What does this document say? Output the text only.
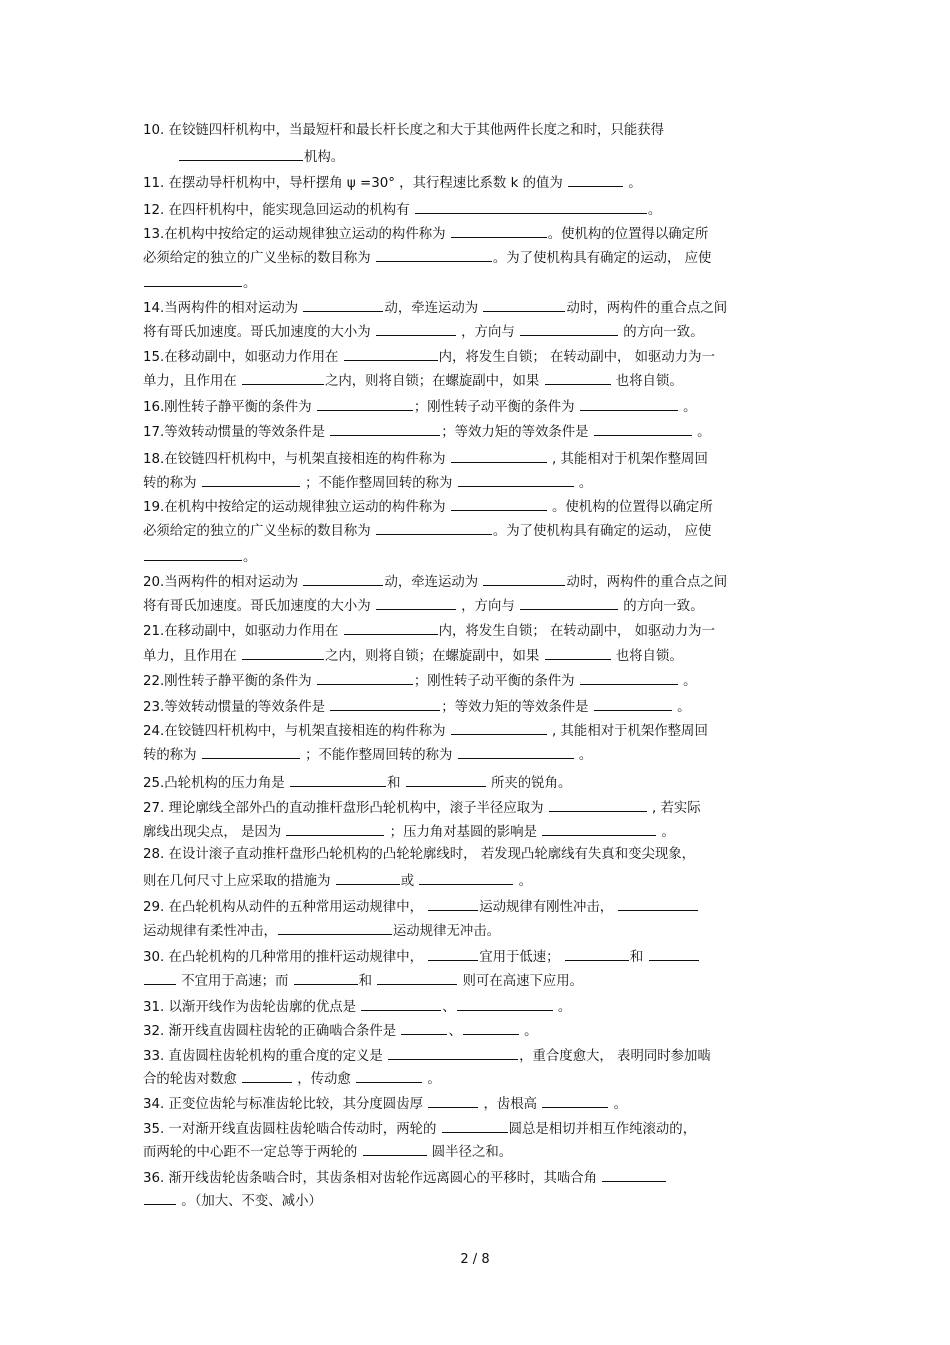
10. 在铰链四杆机构中，当最短杆和最长杆长度之和大于其他两件长度之和时，只能获得
机构。
11. 在摆动导杆机构中，导杆摆角 ψ =30° ，其行程速比系数 k 的值为	。
12. 在四杆机构中，能实现急回运动的机构有	。
13.在机构中按给定的运动规律独立运动的构件称为	。使机构的位置得以确定所
必须给定的独立的广义坐标的数目称为	。为了使机构具有确定的运动， 应使
。
14.当两构件的相对运动为	动，牵连运动为	动时，两构件的重合点之间
将有哥氏加速度。哥氏加速度的大小为	，方向与	的方向一致。
15.在移动副中，如驱动力作用在	内，将发生自锁； 在转动副中， 如驱动力为一
单力，且作用在	之内，则将自锁；在螺旋副中，如果	也将自锁。
16.刚性转子静平衡的条件为	；刚性转子动平衡的条件为	。
17.等效转动惯量的等效条件是	；等效力矩的等效条件是	。
18.在铰链四杆机构中，与机架直接相连的构件称为	, 其能相对于机架作整周回
转的称为	；不能作整周回转的称为	。
19.在机构中按给定的运动规律独立运动的构件称为	。使机构的位置得以确定所
必须给定的独立的广义坐标的数目称为	。为了使机构具有确定的运动， 应使
。
20.当两构件的相对运动为	动，牵连运动为	动时，两构件的重合点之间
将有哥氏加速度。哥氏加速度的大小为	，方向与	的方向一致。
21.在移动副中，如驱动力作用在	内，将发生自锁； 在转动副中， 如驱动力为一
单力，且作用在	之内，则将自锁；在螺旋副中，如果	也将自锁。
22.刚性转子静平衡的条件为	；刚性转子动平衡的条件为	。
23.等效转动惯量的等效条件是	；等效力矩的等效条件是	。
24.在铰链四杆机构中，与机架直接相连的构件称为	, 其能相对于机架作整周回
转的称为	；不能作整周回转的称为	。
25.凸轮机构的压力角是	和	所夹的锐角。
27. 理论廓线全部外凸的直动推杆盘形凸轮机构中，滚子半径应取为	, 若实际
廓线出现尖点， 是因为	；压力角对基圆的影响是	。
28. 在设计滚子直动推杆盘形凸轮机构的凸轮轮廓线时， 若发现凸轮廓线有失真和变尖现象，
则在几何尺寸上应采取的措施为	或	。
29. 在凸轮机构从动件的五种常用运动规律中，	运动规律有刚性冲击，
运动规律有柔性冲击，	运动规律无冲击。
30. 在凸轮机构的几种常用的推杆运动规律中，	宜用于低速；	和
不宜用于高速；而	和	则可在高速下应用。
31. 以渐开线作为齿轮齿廓的优点是	、	。
32. 渐开线直齿圆柱齿轮的正确啮合条件是	、	。
33. 直齿圆柱齿轮机构的重合度的定义是	，重合度愈大， 表明同时参加啮
合的轮齿对数愈	，传动愈	。
34. 正变位齿轮与标准齿轮比较，其分度圆齿厚	，齿根高	。
35. 一对渐开线直齿圆柱齿轮啮合传动时，两轮的	圆总是相切并相互作纯滚动的，
而两轮的中心距不一定总等于两轮的	圆半径之和。
36. 渐开线齿轮齿条啮合时，其齿条相对齿轮作远离圆心的平移时，其啮合角
。（加大、不变、减小）
2 / 8
